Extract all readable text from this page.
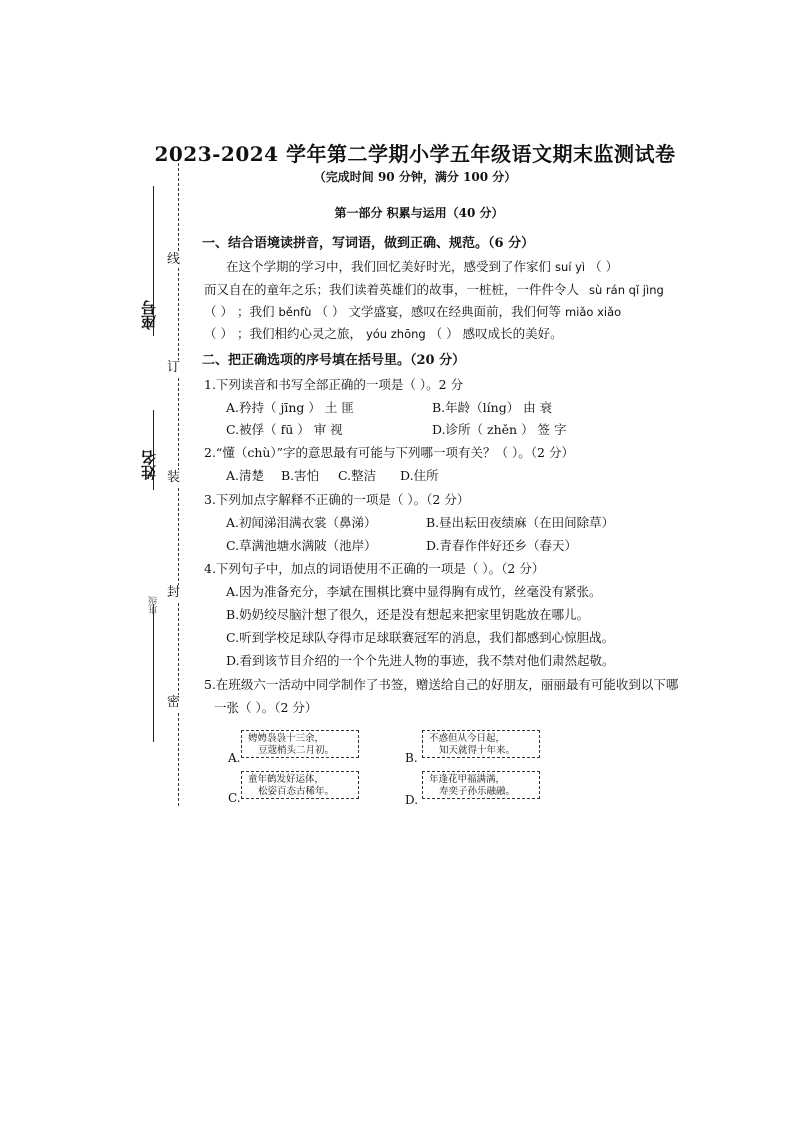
线
订
装
封
密
座号
姓名
班级
2023-2024 学年第二学期小学五年级语文期末监测试卷
（完成时间 90 分钟，满分 100 分）
第一部分 积累与运用（40 分）
一、结合语境读拼音，写词语，做到正确、规范。（6 分）
在这个学期的学习中，我们回忆美好时光，感受到了作家们 suí yì （ ）
而又自在的童年之乐；我们读着英雄们的故事，一桩桩，一件件令人 sù rán qǐ jìng
（ ） ；我们 běnfù （ ） 文学盛宴，感叹在经典面前，我们何等 miǎo xiǎo
（ ） ；我们相约心灵之旅， yóu zhōng （ ） 感叹成长的美好。
二、把正确选项的序号填在括号里。（20 分）
1.下列读音和书写全部正确的一项是（ ）。2 分
A.矜持（ jīng ） 土 匪	B.年龄（líng） 由 衰
C.被俘（ fū ） 审 视	D.诊所（ zhěn ） 签 字
2.“懂（chù）”字的意思最有可能与下列哪一项有关？（ ）。（2 分）
A.清楚 B.害怕 C.整洁 D.住所
3.下列加点字解释不正确的一项是（ ）。（2 分）
A.初闻涕泪满衣裳（鼻涕）	B.昼出耘田夜绩麻（在田间除草）
C.草满池塘水满陂（池岸）	D.青春作伴好还乡（春天）
4.下列句子中，加点的词语使用不正确的一项是（ ）。（2 分）
A.因为准备充分，李斌在围棋比赛中显得胸有成竹，丝毫没有紧张。
B.奶奶绞尽脑汁想了很久，还是没有想起来把家里钥匙放在哪儿。
C.听到学校足球队夺得市足球联赛冠军的消息，我们都感到心惊胆战。
D.看到该节目介绍的一个个先进人物的事迹，我不禁对他们肃然起敬。
5.在班级六一活动中同学制作了书签，赠送给自己的好朋友，丽丽最有可能收到以下哪
一张（ ）。（2 分）
A.
娉娉袅袅十三余，
豆蔻梢头二月初。
B.
不惑但从今日起，
知天就得十年来。
C.
童年鹤发好运体，
松姿百态古稀年。
D.
年逢花甲福满满，
寿奕子孙乐融融。
